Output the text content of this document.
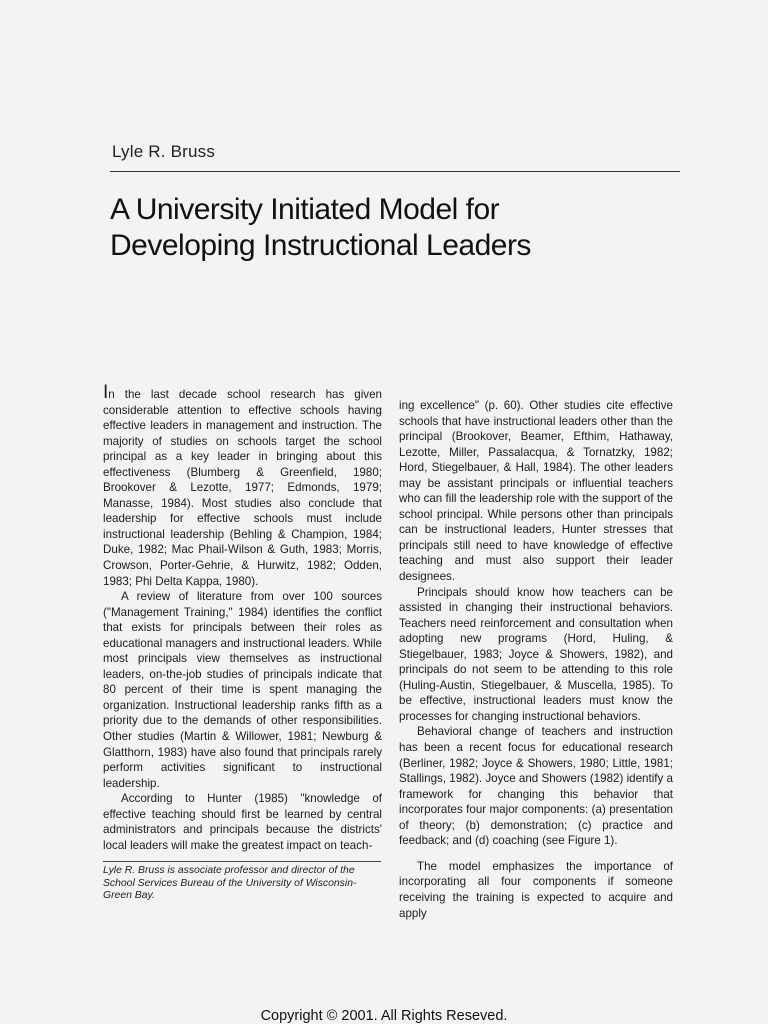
Lyle R. Bruss
A University Initiated Model for
Developing Instructional Leaders

In the last decade school research has given considerable attention to effective schools having effective leaders in management and instruction. The majority of studies on schools target the school principal as a key leader in bringing about this effectiveness (Blumberg & Greenfield, 1980; Brookover & Lezotte, 1977; Edmonds, 1979; Manasse, 1984). Most studies also conclude that leadership for effective schools must include instructional leadership (Behling & Champion, 1984; Duke, 1982; Mac Phail-Wilson & Guth, 1983; Morris, Crowson, Porter-Gehrie, & Hurwitz, 1982; Odden, 1983; Phi Delta Kappa, 1980).

A review of literature from over 100 sources ("Management Training," 1984) identifies the conflict that exists for principals between their roles as educational managers and instructional leaders. While most principals view themselves as instructional leaders, on-the-job studies of principals indicate that 80 percent of their time is spent managing the organization. Instructional leadership ranks fifth as a priority due to the demands of other responsibilities. Other studies (Martin & Willower, 1981; Newburg & Glatthorn, 1983) have also found that principals rarely perform activities significant to instructional leadership.

According to Hunter (1985) "knowledge of effective teaching should first be learned by central administrators and principals because the districts' local leaders will make the greatest impact on teach-

Lyle R. Bruss is associate professor and director of the School Services Bureau of the University of Wisconsin-Green Bay.

ing excellence" (p. 60). Other studies cite effective schools that have instructional leaders other than the principal (Brookover, Beamer, Efthim, Hathaway, Lezotte, Miller, Passalacqua, & Tornatzky, 1982; Hord, Stiegelbauer, & Hall, 1984). The other leaders may be assistant principals or influential teachers who can fill the leadership role with the support of the school principal. While persons other than principals can be instructional leaders, Hunter stresses that principals still need to have knowledge of effective teaching and must also support their leader designees.

Principals should know how teachers can be assisted in changing their instructional behaviors. Teachers need reinforcement and consultation when adopting new programs (Hord, Huling, & Stiegelbauer, 1983; Joyce & Showers, 1982), and principals do not seem to be attending to this role (Huling-Austin, Stiegelbauer, & Muscella, 1985). To be effective, instructional leaders must know the processes for changing instructional behaviors.

Behavioral change of teachers and instruction has been a recent focus for educational research (Berliner, 1982; Joyce & Showers, 1980; Little, 1981; Stallings, 1982). Joyce and Showers (1982) identify a framework for changing this behavior that incorporates four major components: (a) presentation of theory; (b) demonstration; (c) practice and feedback; and (d) coaching (see Figure 1).

The model emphasizes the importance of incorporating all four components if someone receiving the training is expected to acquire and apply

Copyright © 2001. All Rights Reseved.
